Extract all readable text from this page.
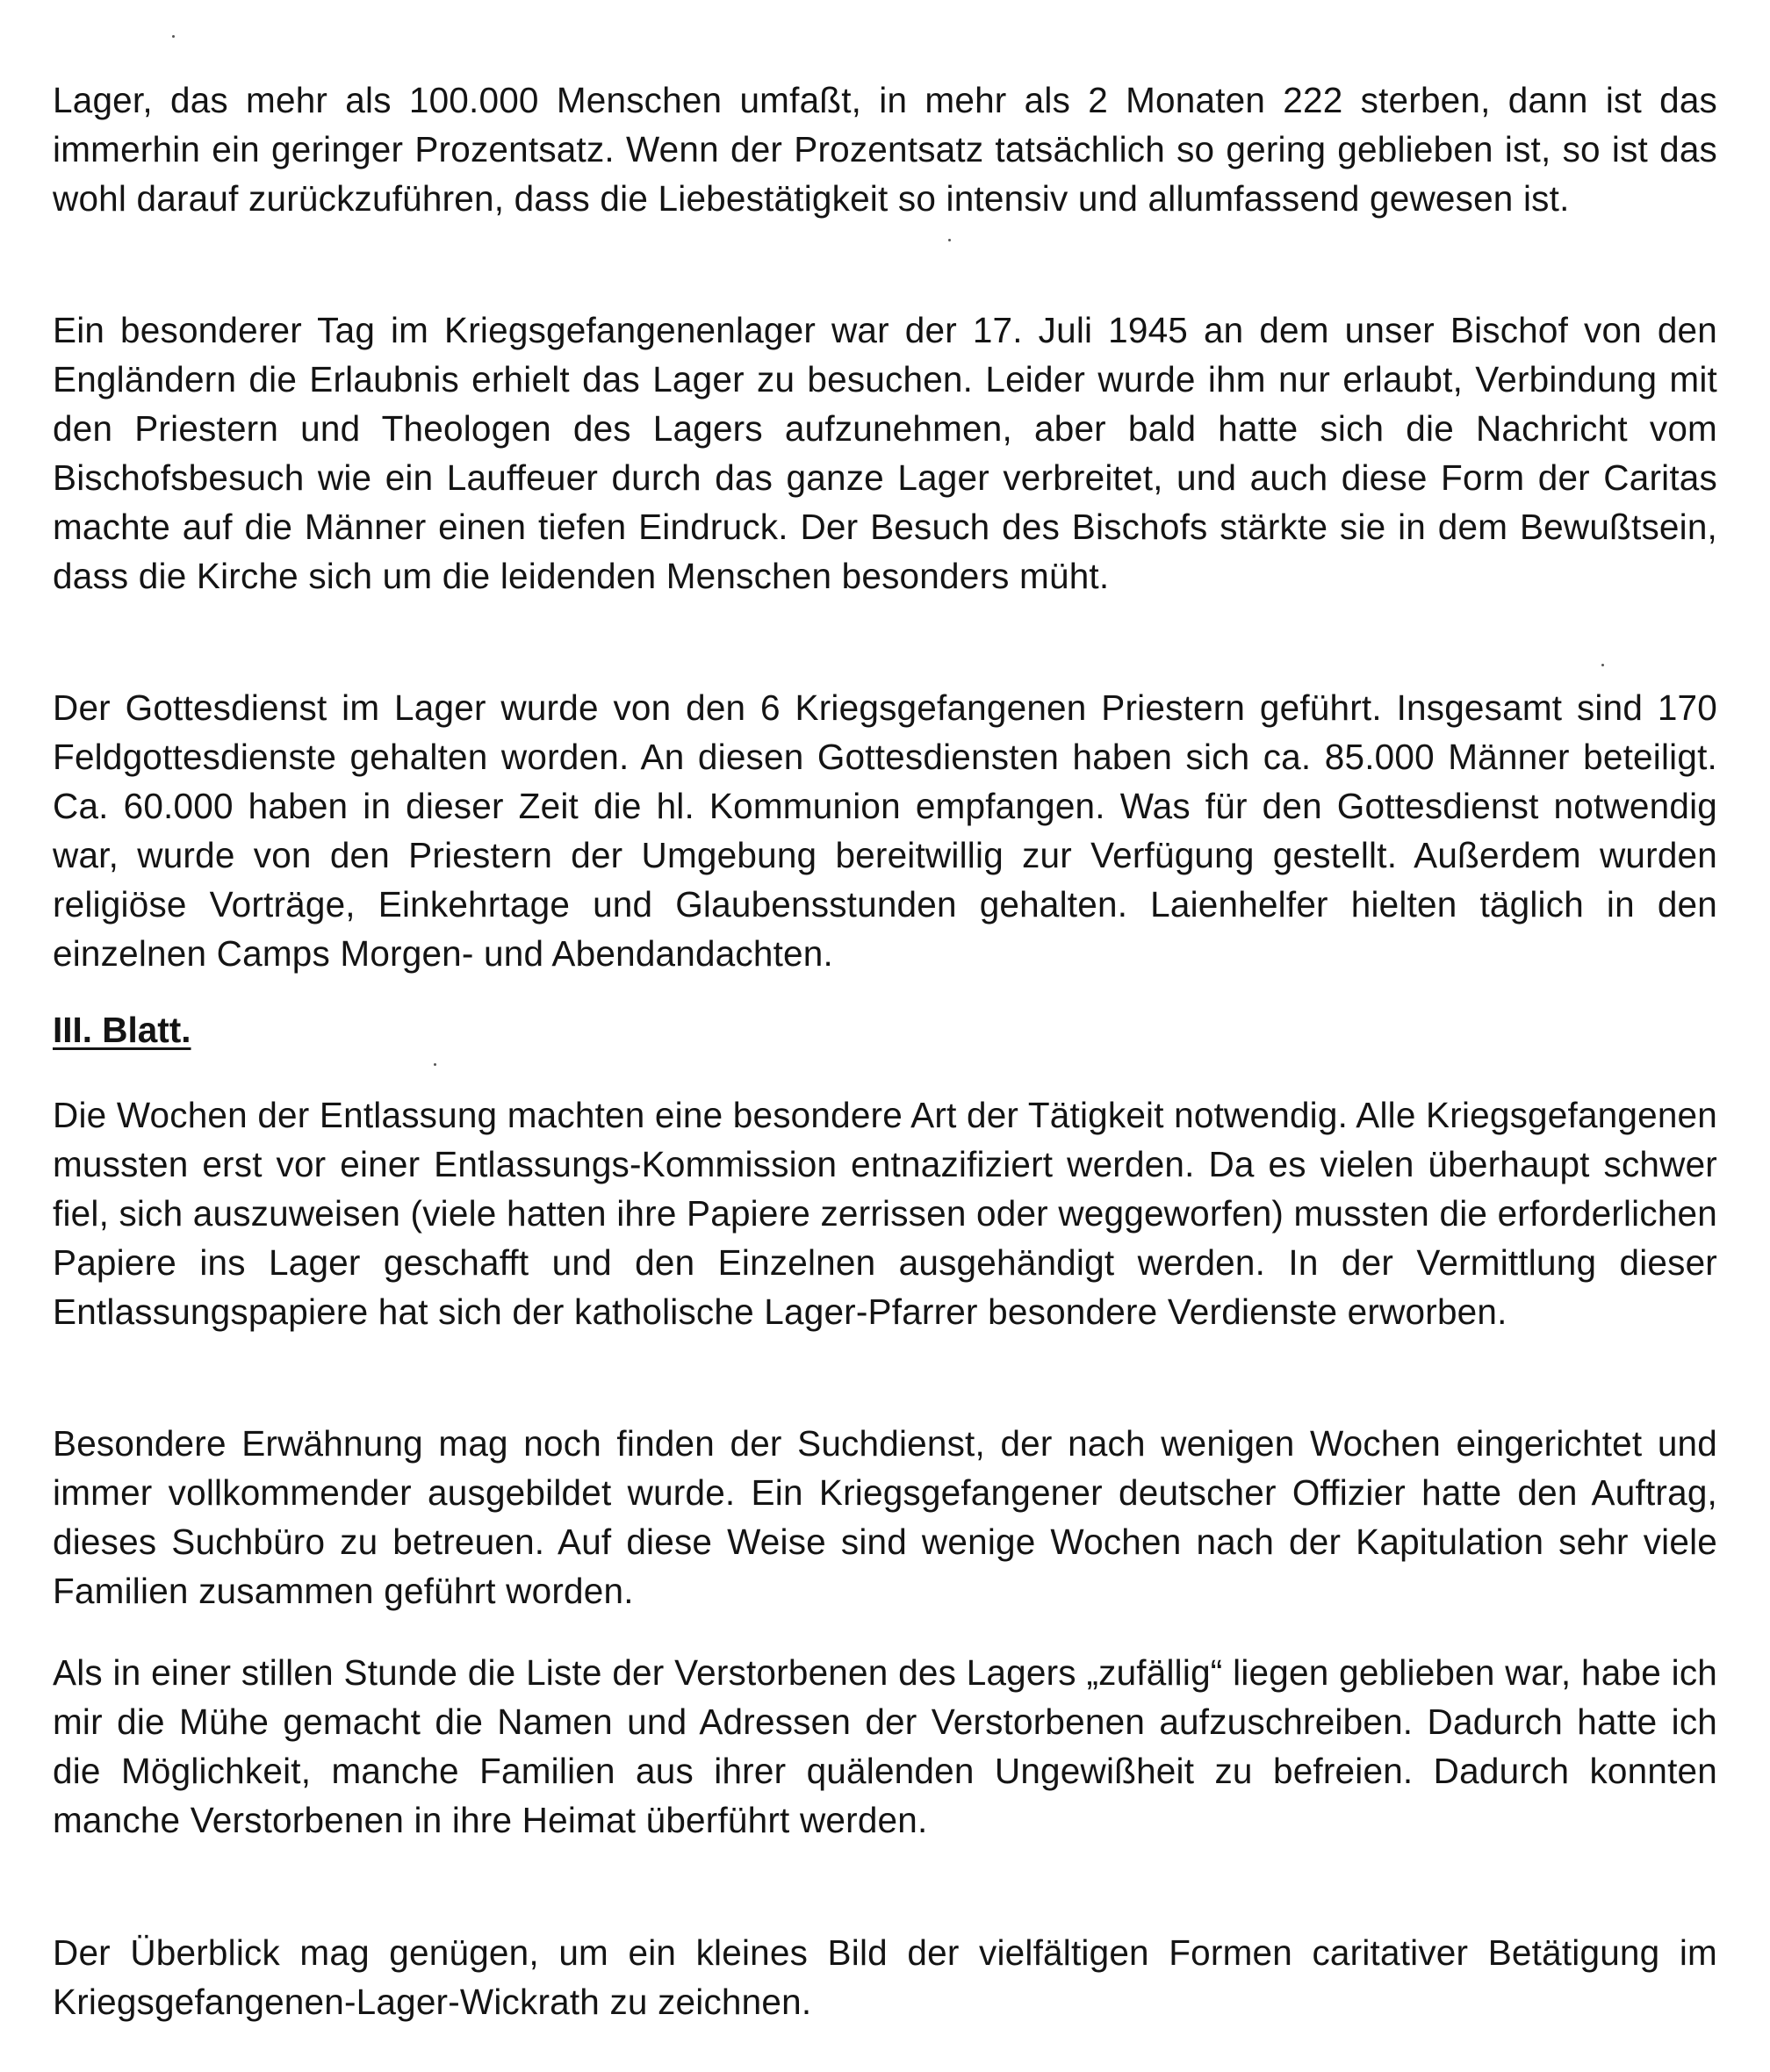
Lager, das mehr als 100.000 Menschen umfaßt, in mehr als 2 Monaten 222 sterben, dann ist das immerhin ein geringer Prozentsatz. Wenn der Prozentsatz tatsächlich so gering geblieben ist, so ist das wohl darauf zurückzuführen, dass die Liebestätigkeit so intensiv und allumfassend gewesen ist.

Ein besonderer Tag im Kriegsgefangenenlager war der 17. Juli 1945 an dem unser Bischof von den Engländern die Erlaubnis erhielt das Lager zu besuchen. Leider wurde ihm nur erlaubt, Verbindung mit den Priestern und Theologen des Lagers aufzunehmen, aber bald hatte sich die Nachricht vom Bischofsbesuch wie ein Lauffeuer durch das ganze Lager verbreitet, und auch diese Form der Caritas machte auf die Männer einen tiefen Eindruck. Der Besuch des Bischofs stärkte sie in dem Bewußtsein, dass die Kirche sich um die leidenden Menschen besonders müht.

Der Gottesdienst im Lager wurde von den 6 Kriegsgefangenen Priestern geführt. Insgesamt sind 170 Feldgottesdienste gehalten worden. An diesen Gottesdiensten haben sich ca. 85.000 Männer beteiligt. Ca. 60.000 haben in dieser Zeit die hl. Kommunion empfangen. Was für den Gottesdienst notwendig war, wurde von den Priestern der Umgebung bereitwillig zur Verfügung gestellt. Außerdem wurden religiöse Vorträge, Einkehrtage und Glaubensstunden gehalten. Laienhelfer hielten täglich in den einzelnen Camps Morgen- und Abendandachten.

III. Blatt.

Die Wochen der Entlassung machten eine besondere Art der Tätigkeit notwendig. Alle Kriegsgefangenen mussten erst vor einer Entlassungs-Kommission entnazifiziert werden. Da es vielen überhaupt schwer fiel, sich auszuweisen (viele hatten ihre Papiere zerrissen oder weggeworfen) mussten die erforderlichen Papiere ins Lager geschafft und den Einzelnen ausgehändigt werden. In der Vermittlung dieser Entlassungspapiere hat sich der katholische Lager-Pfarrer besondere Verdienste erworben.

Besondere Erwähnung mag noch finden der Suchdienst, der nach wenigen Wochen eingerichtet und immer vollkommender ausgebildet wurde. Ein Kriegsgefangener deutscher Offizier hatte den Auftrag, dieses Suchbüro zu betreuen. Auf diese Weise sind wenige Wochen nach der Kapitulation sehr viele Familien zusammen geführt worden.

Als in einer stillen Stunde die Liste der Verstorbenen des Lagers „zufällig“ liegen geblieben war, habe ich mir die Mühe gemacht die Namen und Adressen der Verstorbenen aufzuschreiben. Dadurch hatte ich die Möglichkeit, manche Familien aus ihrer quälenden Ungewißheit zu befreien. Dadurch konnten manche Verstorbenen in ihre Heimat überführt werden.

Der Überblick mag genügen, um ein kleines Bild der vielfältigen Formen caritativer Betätigung im Kriegsgefangenen-Lager-Wickrath zu zeichnen.
